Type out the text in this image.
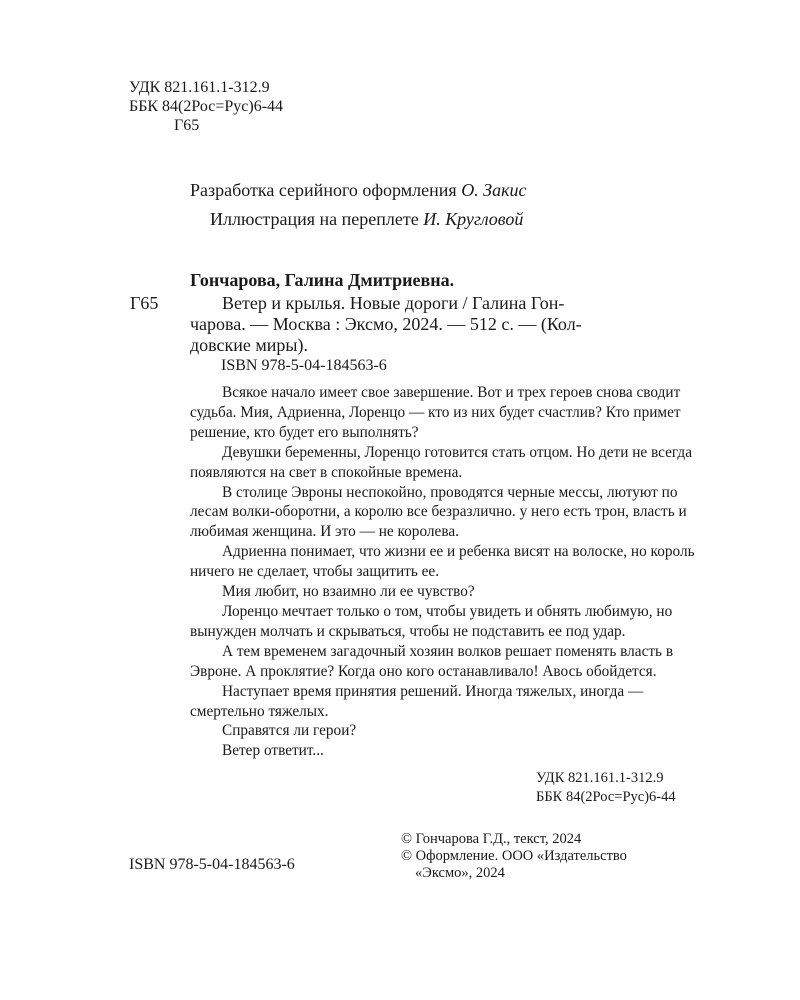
УДК 821.161.1-312.9
ББК 84(2Рос=Рус)6-44
Г65
Разработка серийного оформления О. Закис
Иллюстрация на переплете И. Кругловой
Гончарова, Галина Дмитриевна.
Г65	Ветер и крылья. Новые дороги / Галина Гон-

чарова. — Москва : Эксмо, 2024. — 512 с. — (Кол-

довские миры).

ISBN 978-5-04-184563-6

Всякое начало имеет свое завершение. Вот и трех героев снова сводит судьба. Мия, Адриенна, Лоренцо — кто из них будет счастлив? Кто примет решение, кто будет его выполнять?

Девушки беременны, Лоренцо готовится стать отцом. Но дети не всегда появляются на свет в спокойные времена.

В столице Эвроны неспокойно, проводятся черные мессы, лютуют по лесам волки-оборотни, а королю все безразлично. у него есть трон, власть и любимая женщина. И это — не королева.

Адриенна понимает, что жизни ее и ребенка висят на волоске, но король ничего не сделает, чтобы защитить ее.

Мия любит, но взаимно ли ее чувство?

Лоренцо мечтает только о том, чтобы увидеть и обнять любимую, но вынужден молчать и скрываться, чтобы не подставить ее под удар.

А тем временем загадочный хозяин волков решает поменять власть в Эвроне. А проклятие? Когда оно кого останавливало! Авось обойдется.

Наступает время принятия решений. Иногда тяжелых, иногда — смертельно тяжелых.

Справятся ли герои?

Ветер ответит...

УДК 821.161.1-312.9
ББК 84(2Рос=Рус)6-44
ISBN 978-5-04-184563-6
© Гончарова Г.Д., текст, 2024
© Оформление. ООО «Издательство
«Эксмо», 2024
